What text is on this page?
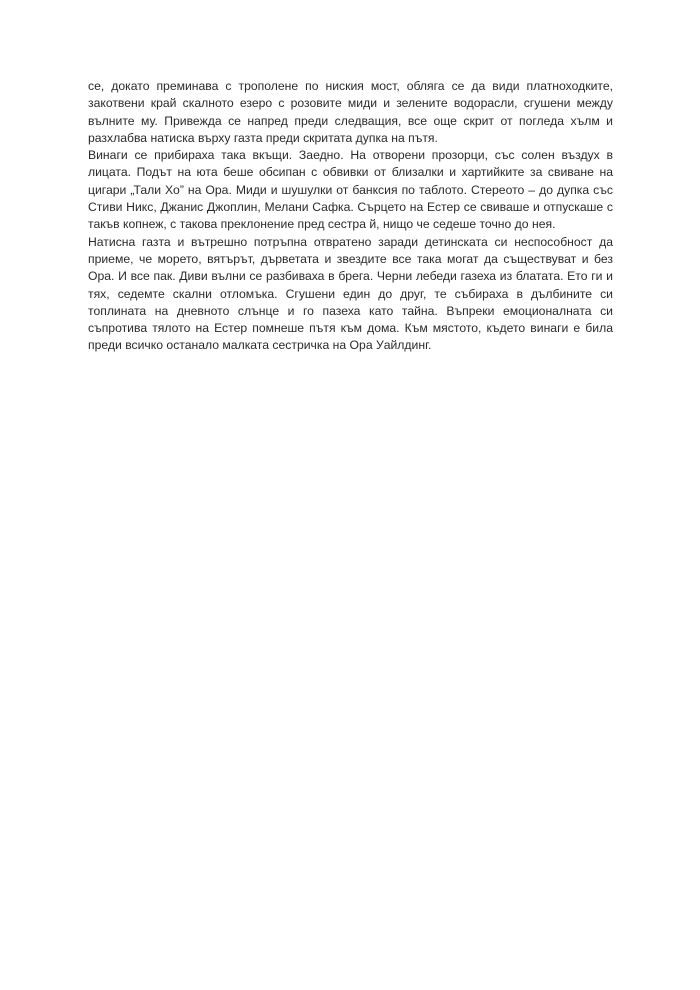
се, докато преминава с трополене по ниския мост, обляга се да види платноходките, закотвени край скалното езеро с розовите миди и зелените водорасли, сгушени между вълните му. Привежда се напред преди следващия, все още скрит от погледа хълм и разхлабва натиска върху газта преди скритата дупка на пътя.

Винаги се прибираха така вкъщи. Заедно. На отворени прозорци, със солен въздух в лицата. Подът на юта беше обсипан с обвивки от близалки и хартийките за свиване на цигари „Тали Хо” на Ора. Миди и шушулки от банксия по таблото. Стереото – до дупка със Стиви Никс, Джанис Джоплин, Мелани Сафка. Сърцето на Естер се свиваше и отпускаше с такъв копнеж, с такова преклонение пред сестра й, нищо че седеше точно до нея.

Натисна газта и вътрешно потръпна отвратено заради детинската си неспособност да приеме, че морето, вятърът, дърветата и звездите все така могат да съществуват и без Ора. И все пак. Диви вълни се разбиваха в брега. Черни лебеди газеха из блатата. Ето ги и тях, седемте скални отломъка. Сгушени един до друг, те събираха в дълбините си топлината на дневното слънце и го пазеха като тайна. Въпреки емоционалната си съпротива тялото на Естер помнеше пътя към дома. Към мястото, където винаги е била преди всичко останало малката сестричка на Ора Уайлдинг.
